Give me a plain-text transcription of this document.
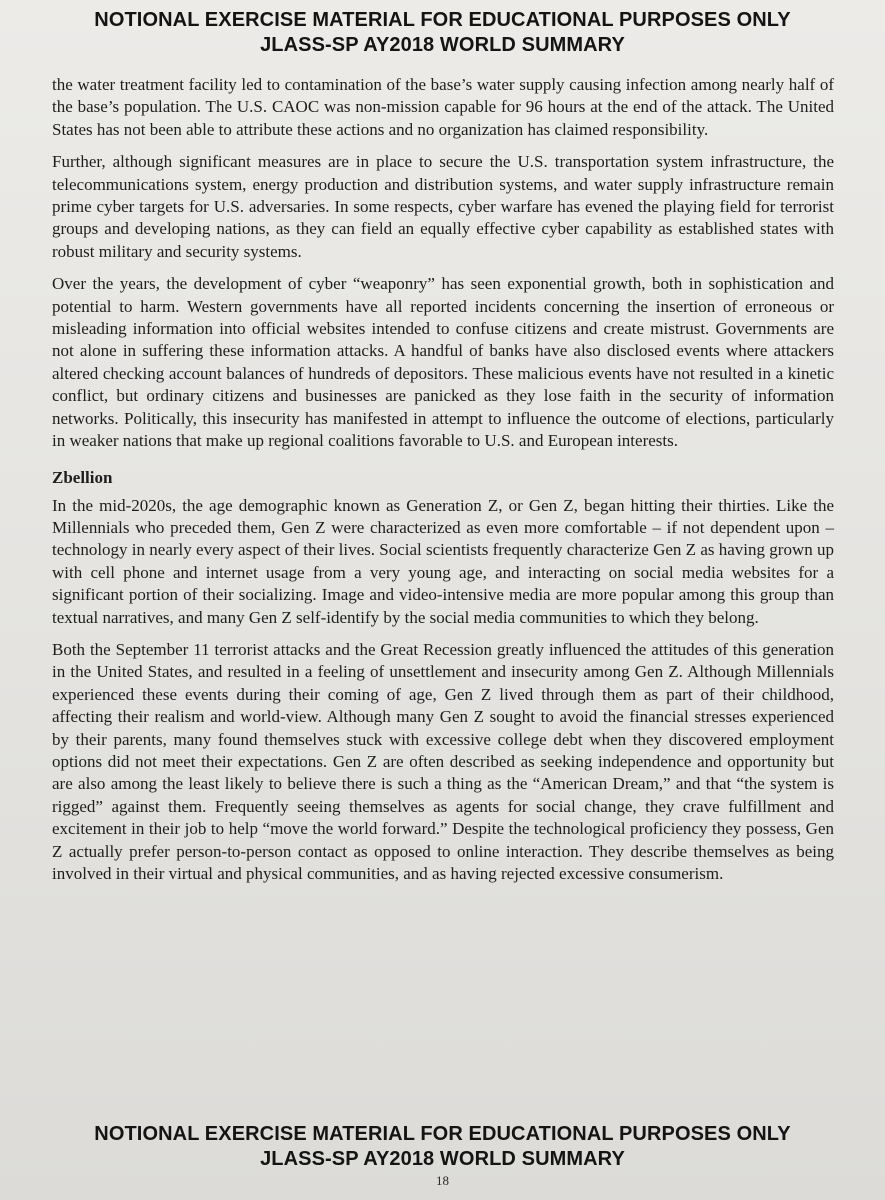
NOTIONAL EXERCISE MATERIAL FOR EDUCATIONAL PURPOSES ONLY
JLASS-SP AY2018 WORLD SUMMARY

the water treatment facility led to contamination of the base’s water supply causing infection among nearly half of the base’s population. The U.S. CAOC was non-mission capable for 96 hours at the end of the attack. The United States has not been able to attribute these actions and no organization has claimed responsibility.

Further, although significant measures are in place to secure the U.S. transportation system infrastructure, the telecommunications system, energy production and distribution systems, and water supply infrastructure remain prime cyber targets for U.S. adversaries. In some respects, cyber warfare has evened the playing field for terrorist groups and developing nations, as they can field an equally effective cyber capability as established states with robust military and security systems.

Over the years, the development of cyber “weaponry” has seen exponential growth, both in sophistication and potential to harm. Western governments have all reported incidents concerning the insertion of erroneous or misleading information into official websites intended to confuse citizens and create mistrust. Governments are not alone in suffering these information attacks. A handful of banks have also disclosed events where attackers altered checking account balances of hundreds of depositors. These malicious events have not resulted in a kinetic conflict, but ordinary citizens and businesses are panicked as they lose faith in the security of information networks. Politically, this insecurity has manifested in attempt to influence the outcome of elections, particularly in weaker nations that make up regional coalitions favorable to U.S. and European interests.

Zbellion

In the mid-2020s, the age demographic known as Generation Z, or Gen Z, began hitting their thirties. Like the Millennials who preceded them, Gen Z were characterized as even more comfortable – if not dependent upon – technology in nearly every aspect of their lives. Social scientists frequently characterize Gen Z as having grown up with cell phone and internet usage from a very young age, and interacting on social media websites for a significant portion of their socializing. Image and video-intensive media are more popular among this group than textual narratives, and many Gen Z self-identify by the social media communities to which they belong.

Both the September 11 terrorist attacks and the Great Recession greatly influenced the attitudes of this generation in the United States, and resulted in a feeling of unsettlement and insecurity among Gen Z. Although Millennials experienced these events during their coming of age, Gen Z lived through them as part of their childhood, affecting their realism and world-view. Although many Gen Z sought to avoid the financial stresses experienced by their parents, many found themselves stuck with excessive college debt when they discovered employment options did not meet their expectations. Gen Z are often described as seeking independence and opportunity but are also among the least likely to believe there is such a thing as the “American Dream,” and that “the system is rigged” against them. Frequently seeing themselves as agents for social change, they crave fulfillment and excitement in their job to help “move the world forward.” Despite the technological proficiency they possess, Gen Z actually prefer person-to-person contact as opposed to online interaction. They describe themselves as being involved in their virtual and physical communities, and as having rejected excessive consumerism.

NOTIONAL EXERCISE MATERIAL FOR EDUCATIONAL PURPOSES ONLY
JLASS-SP AY2018 WORLD SUMMARY
18
